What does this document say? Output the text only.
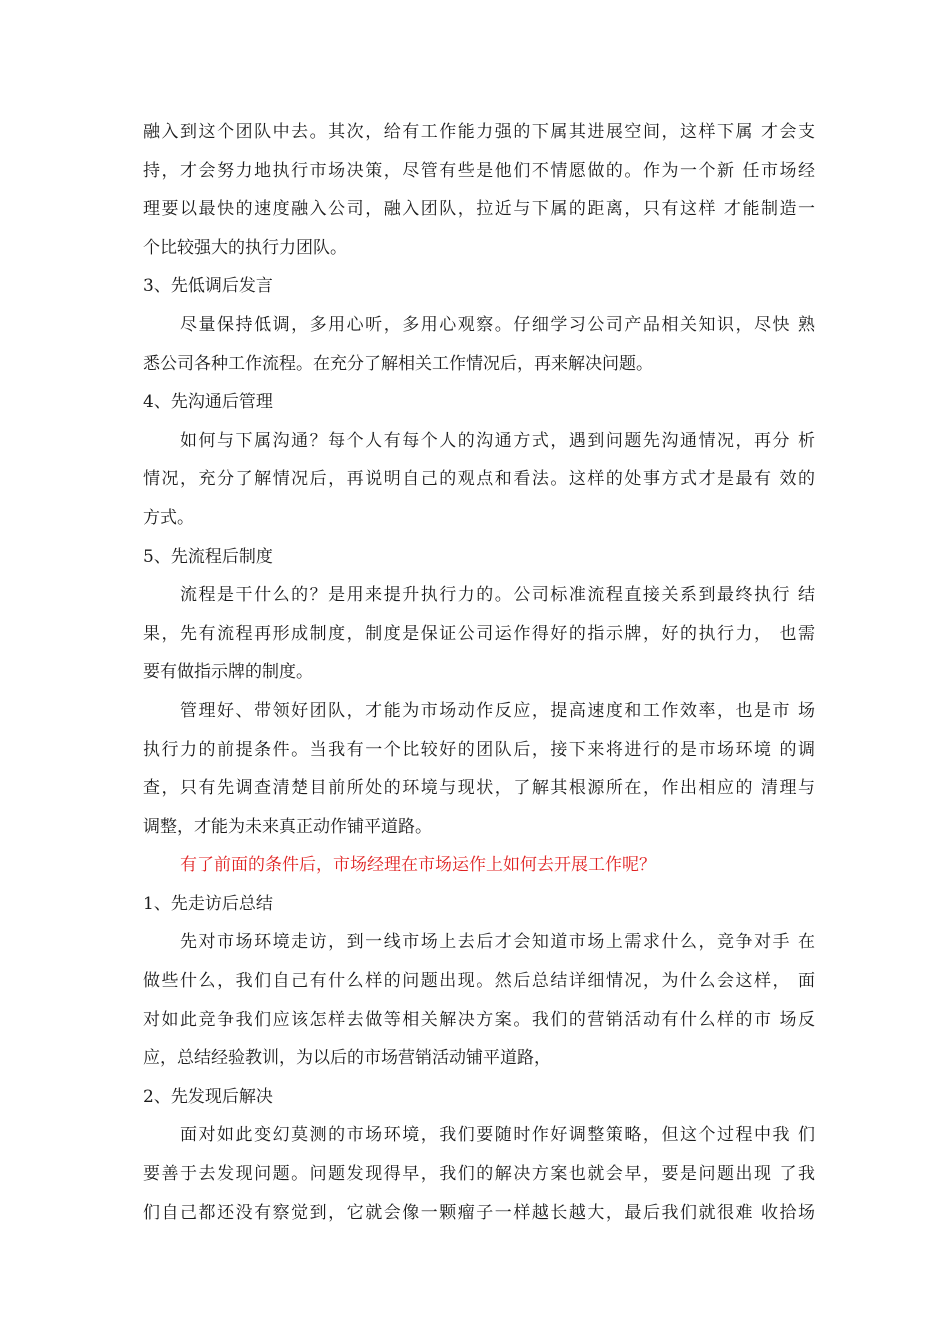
融入到这个团队中去。其次，给有工作能力强的下属其进展空间，这样下属 才会支
持，才会努力地执行市场决策，尽管有些是他们不情愿做的。作为一个新 任市场经
理要以最快的速度融入公司，融入团队，拉近与下属的距离，只有这样 才能制造一
个比较强大的执行力团队。
3、先低调后发言
尽量保持低调，多用心听，多用心观察。仔细学习公司产品相关知识，尽快 熟
悉公司各种工作流程。在充分了解相关工作情况后，再来解决问题。
4、先沟通后管理
如何与下属沟通？每个人有每个人的沟通方式，遇到问题先沟通情况，再分 析
情况，充分了解情况后，再说明自己的观点和看法。这样的处事方式才是最有 效的
方式。
5、先流程后制度
流程是干什么的？是用来提升执行力的。公司标准流程直接关系到最终执行 结
果，先有流程再形成制度，制度是保证公司运作得好的指示牌，好的执行力， 也需
要有做指示牌的制度。
管理好、带领好团队，才能为市场动作反应，提高速度和工作效率，也是市 场
执行力的前提条件。当我有一个比较好的团队后，接下来将进行的是市场环境 的调
查，只有先调查清楚目前所处的环境与现状，了解其根源所在，作出相应的 清理与
调整，才能为未来真正动作铺平道路。
有了前面的条件后，市场经理在市场运作上如何去开展工作呢？
1、先走访后总结
先对市场环境走访，到一线市场上去后才会知道市场上需求什么，竞争对手 在
做些什么，我们自己有什么样的问题出现。然后总结详细情况，为什么会这样， 面
对如此竞争我们应该怎样去做等相关解决方案。我们的营销活动有什么样的市 场反
应，总结经验教训，为以后的市场营销活动铺平道路，
2、先发现后解决
面对如此变幻莫测的市场环境，我们要随时作好调整策略，但这个过程中我 们
要善于去发现问题。问题发现得早，我们的解决方案也就会早，要是问题出现 了我
们自己都还没有察觉到，它就会像一颗瘤子一样越长越大，最后我们就很难 收拾场
